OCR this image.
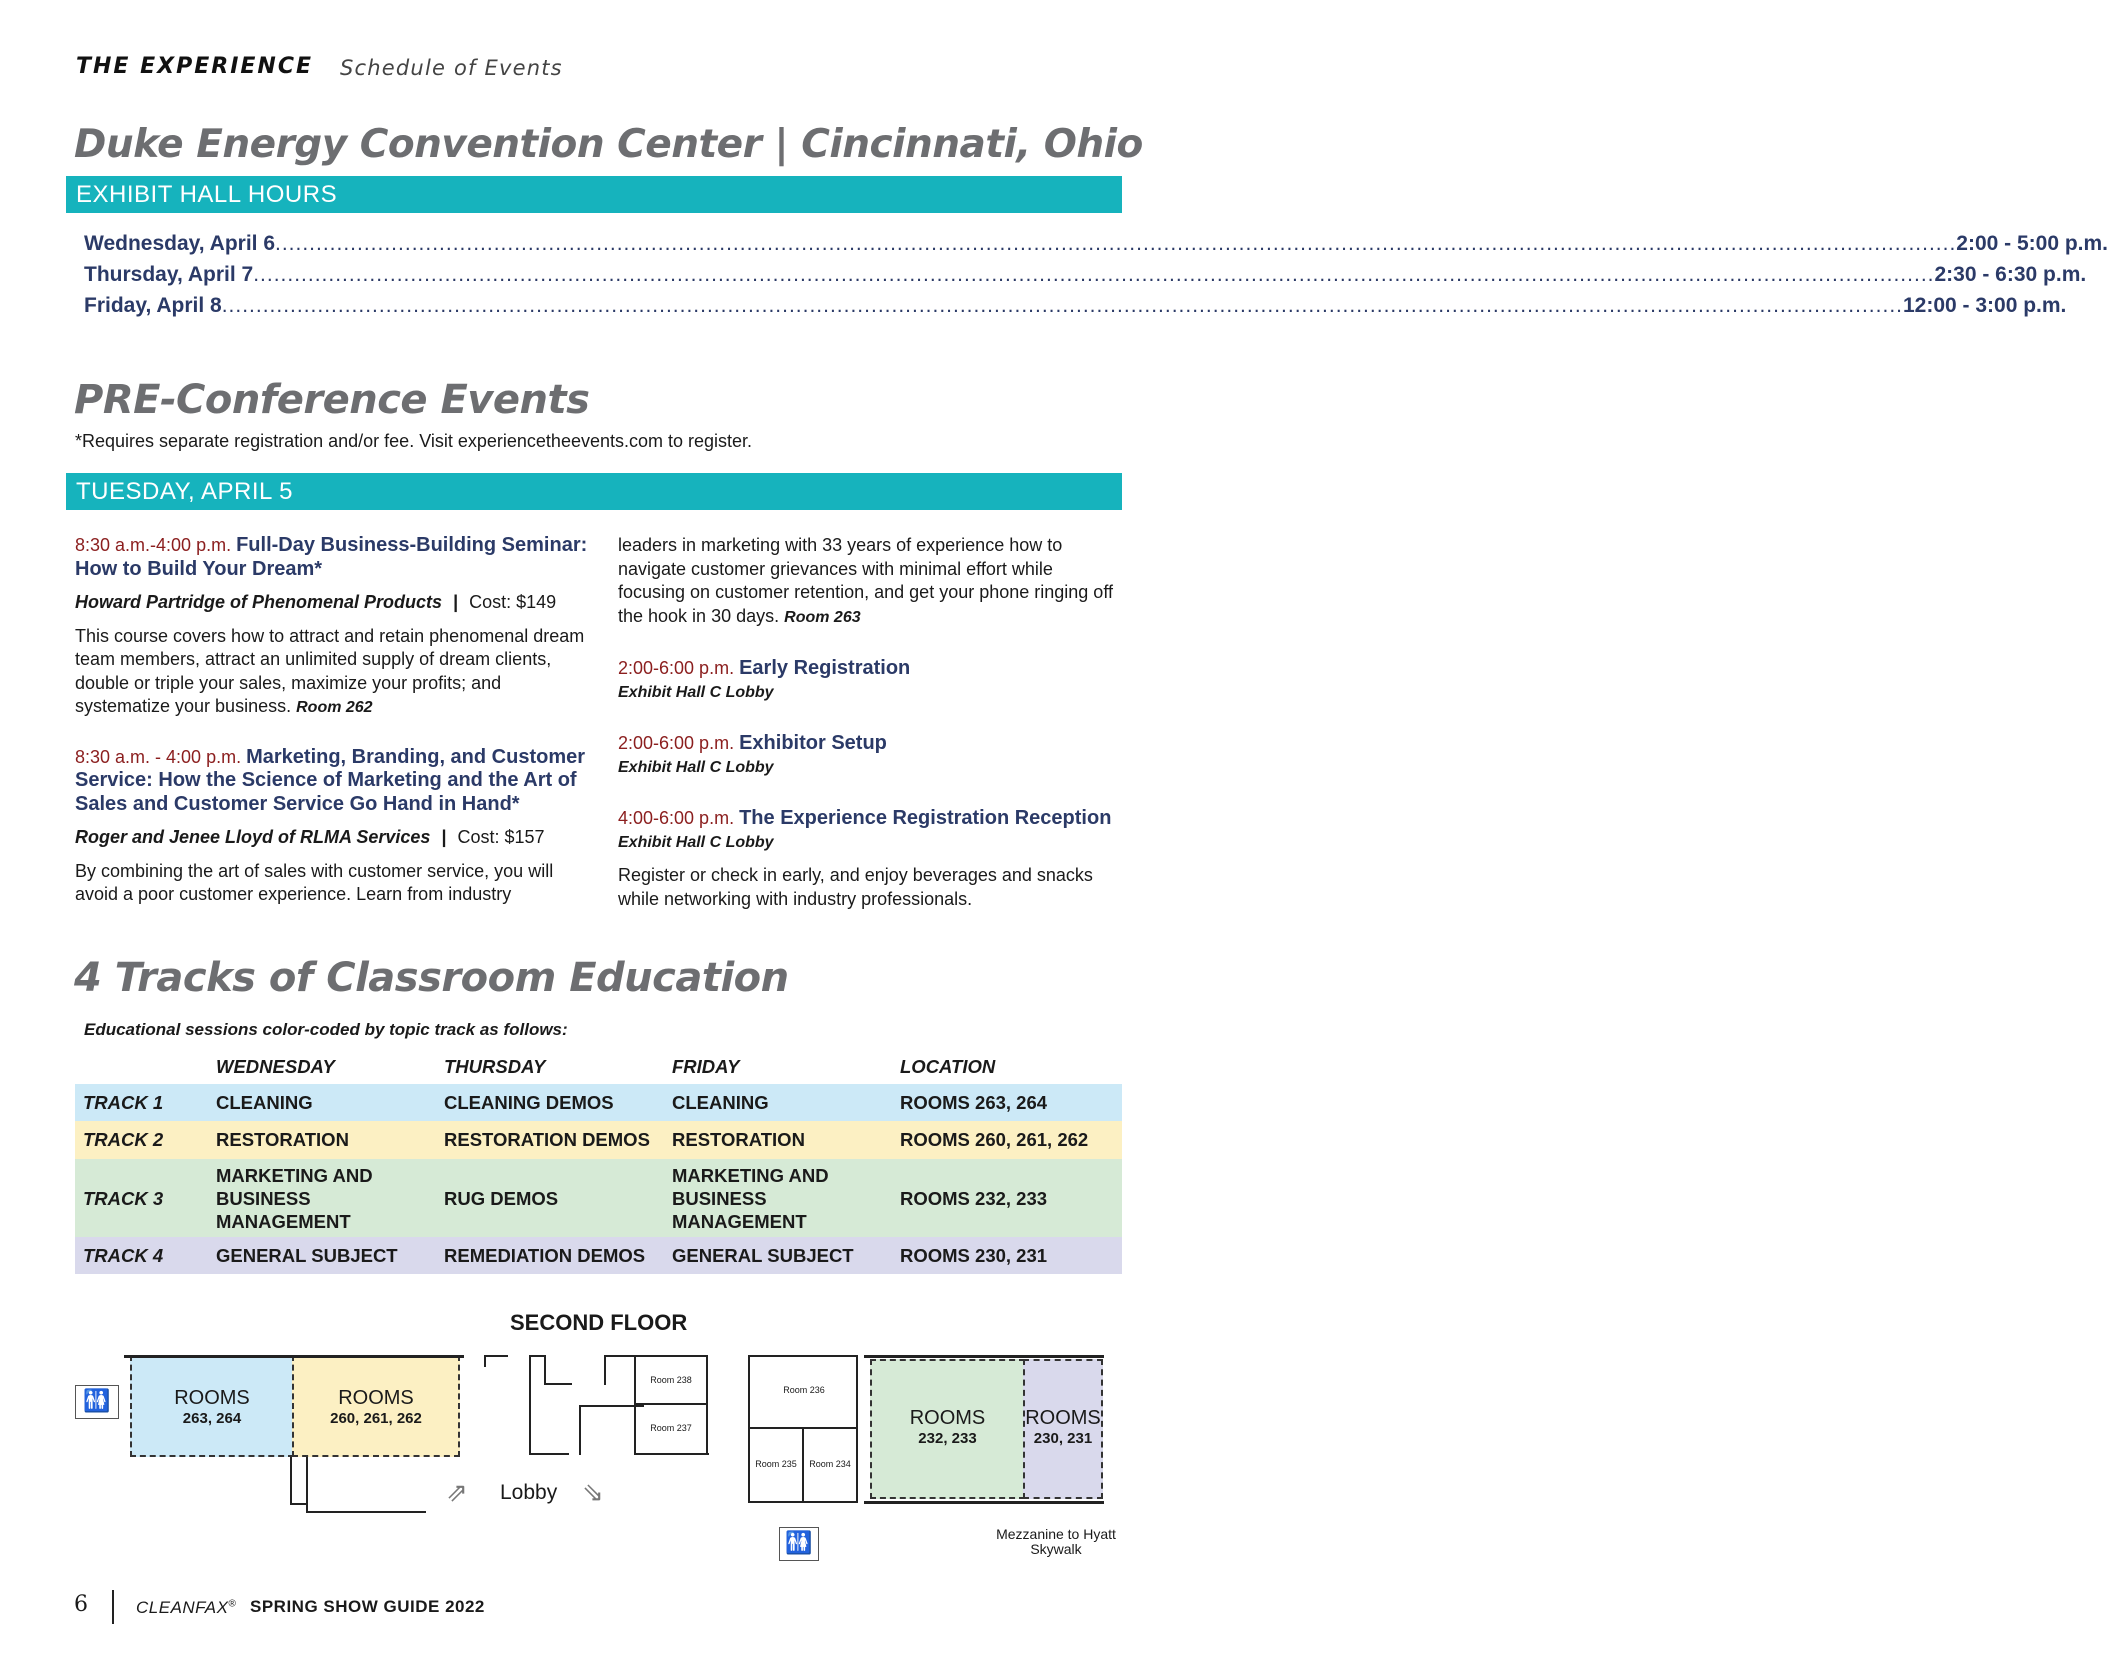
THE EXPERIENCE Schedule of Events
Duke Energy Convention Center | Cincinnati, Ohio
EXHIBIT HALL HOURS
Wednesday, April 6 ...................................................................................................................................................................................................................................................... 2:00 - 5:00 p.m.
Thursday, April 7 ...................................................................................................................................................................................................................................................... 2:30 - 6:30 p.m.
Friday, April 8 ...................................................................................................................................................................................................................................................... 12:00 - 3:00 p.m.
PRE-Conference Events
*Requires separate registration and/or fee. Visit experiencetheevents.com to register.
TUESDAY, APRIL 5
8:30 a.m.-4:00 p.m. Full-Day Business-Building Seminar: How to Build Your Dream*
Howard Partridge of Phenomenal Products | Cost: $149
This course covers how to attract and retain phenomenal dream team members, attract an unlimited supply of dream clients, double or triple your sales, maximize your profits; and systematize your business. Room 262
8:30 a.m. - 4:00 p.m. Marketing, Branding, and Customer Service: How the Science of Marketing and the Art of Sales and Customer Service Go Hand in Hand*
Roger and Jenee Lloyd of RLMA Services | Cost: $157
By combining the art of sales with customer service, you will avoid a poor customer experience. Learn from industry
leaders in marketing with 33 years of experience how to navigate customer grievances with minimal effort while focusing on customer retention, and get your phone ringing off the hook in 30 days. Room 263
2:00-6:00 p.m. Early Registration
Exhibit Hall C Lobby
2:00-6:00 p.m. Exhibitor Setup
Exhibit Hall C Lobby
4:00-6:00 p.m. The Experience Registration Reception
Exhibit Hall C Lobby
Register or check in early, and enjoy beverages and snacks while networking with industry professionals.
4 Tracks of Classroom Education
Educational sessions color-coded by topic track as follows:
	WEDNESDAY	THURSDAY	FRIDAY	LOCATION
TRACK 1	CLEANING	CLEANING DEMOS	CLEANING	ROOMS 263, 264
TRACK 2	RESTORATION	RESTORATION DEMOS	RESTORATION	ROOMS 260, 261, 262
TRACK 3	MARKETING AND BUSINESS MANAGEMENT	RUG DEMOS	MARKETING AND BUSINESS MANAGEMENT	ROOMS 232, 233
TRACK 4	GENERAL SUBJECT	REMEDIATION DEMOS	GENERAL SUBJECT	ROOMS 230, 231
SECOND FLOOR
🚻	ROOMS
263, 264
ROOMS
260, 261, 262
Room 238
Room 237
⇗ Lobby ⇘
Room 236
Room 235	Room 234
ROOMS
232, 233
ROOMS
230, 231
🚻	Mezzanine to Hyatt
Skywalk
6	CLEANFAX® SPRING SHOW GUIDE 2022
